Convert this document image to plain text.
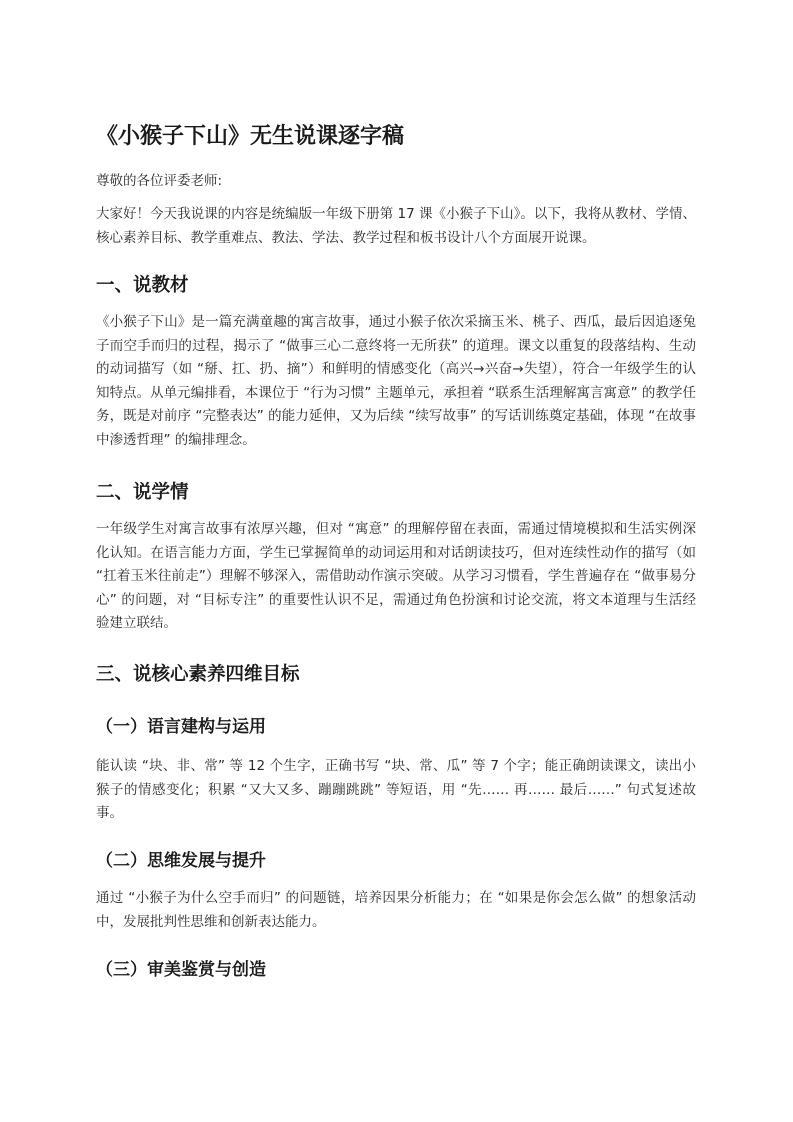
《小猴子下山》无生说课逐字稿

尊敬的各位评委老师:

大家好！今天我说课的内容是统编版一年级下册第 17 课《小猴子下山》。以下，我将从教材、学情、核心素养目标、教学重难点、教法、学法、教学过程和板书设计八个方面展开说课。

一、说教材

《小猴子下山》是一篇充满童趣的寓言故事，通过小猴子依次采摘玉米、桃子、西瓜，最后因追逐兔子而空手而归的过程，揭示了 “做事三心二意终将一无所获” 的道理。课文以重复的段落结构、生动的动词描写（如 “掰、扛、扔、摘”）和鲜明的情感变化（高兴→兴奋→失望），符合一年级学生的认知特点。从单元编排看，本课位于 “行为习惯” 主题单元，承担着 “联系生活理解寓言寓意” 的教学任务，既是对前序 “完整表达” 的能力延伸，又为后续 “续写故事” 的写话训练奠定基础，体现 “在故事中渗透哲理” 的编排理念。

二、说学情

一年级学生对寓言故事有浓厚兴趣，但对 “寓意” 的理解停留在表面，需通过情境模拟和生活实例深化认知。在语言能力方面，学生已掌握简单的动词运用和对话朗读技巧，但对连续性动作的描写（如 “扛着玉米往前走”）理解不够深入，需借助动作演示突破。从学习习惯看，学生普遍存在 “做事易分心” 的问题，对 “目标专注” 的重要性认识不足，需通过角色扮演和讨论交流，将文本道理与生活经验建立联结。

三、说核心素养四维目标
（一）语言建构与运用

能认读 “块、非、常” 等 12 个生字，正确书写 “块、常、瓜” 等 7 个字；能正确朗读课文，读出小猴子的情感变化；积累 “又大又多、蹦蹦跳跳” 等短语，用 “先…… 再…… 最后……” 句式复述故事。

（二）思维发展与提升

通过 “小猴子为什么空手而归” 的问题链，培养因果分析能力；在 “如果是你会怎么做” 的想象活动中，发展批判性思维和创新表达能力。

（三）审美鉴赏与创造
